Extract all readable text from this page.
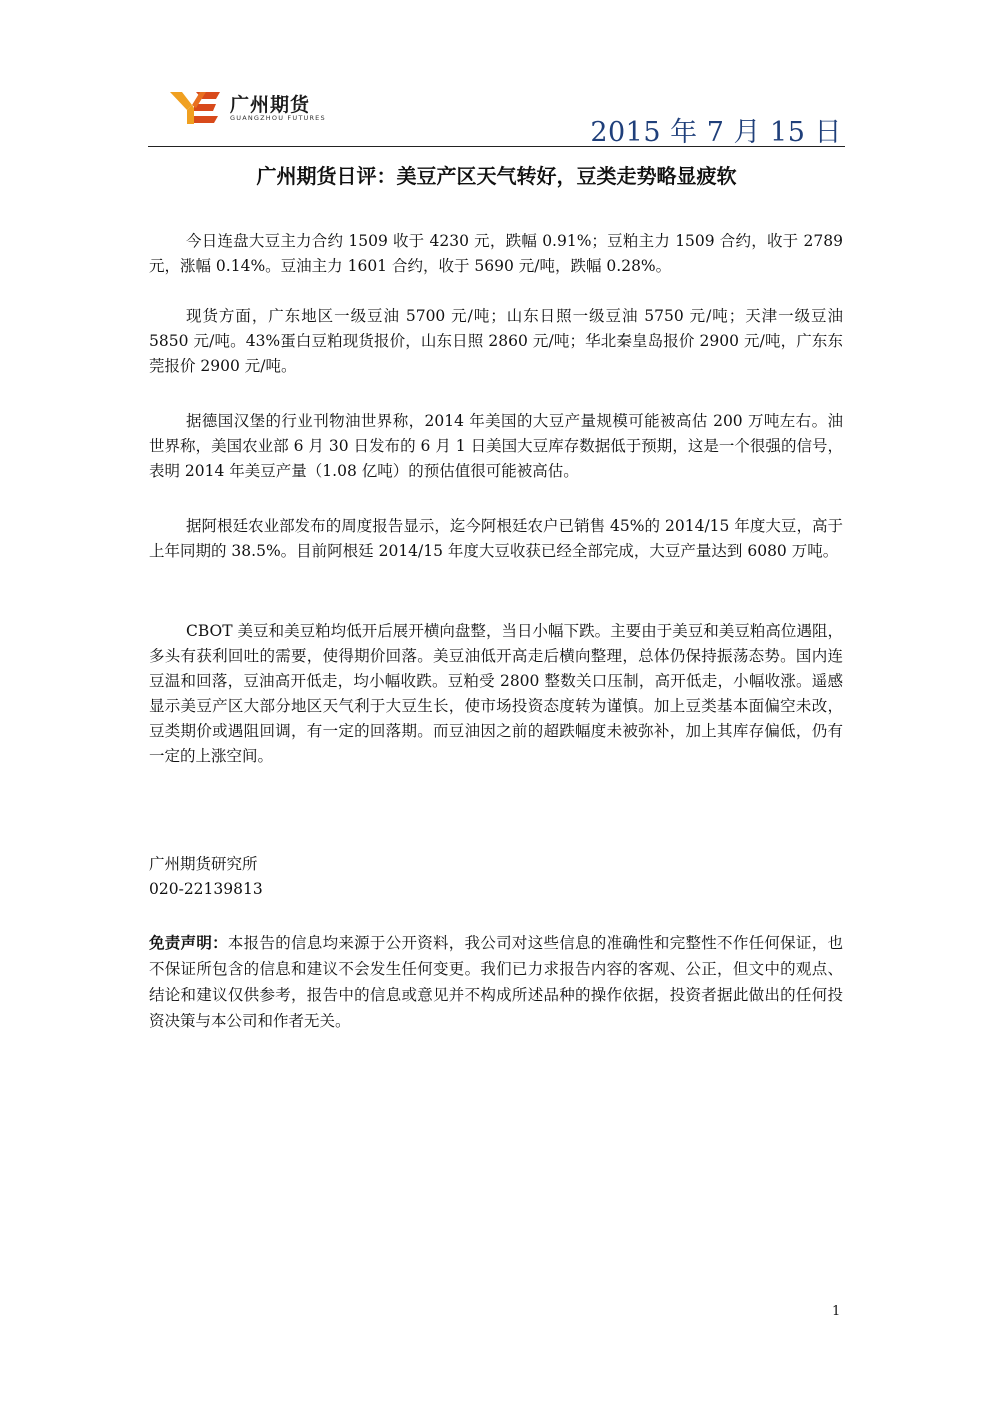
广州期货
GUANGZHOU FUTURES	2015 年 7 月 15 日
广州期货日评：美豆产区天气转好，豆类走势略显疲软
今日连盘大豆主力合约 1509 收于 4230 元，跌幅 0.91%；豆粕主力 1509 合约，收于 2789 元，涨幅 0.14%。豆油主力 1601 合约，收于 5690 元/吨，跌幅 0.28%。
现货方面，广东地区一级豆油 5700 元/吨；山东日照一级豆油 5750 元/吨；天津一级豆油 5850 元/吨。43%蛋白豆粕现货报价，山东日照 2860 元/吨；华北秦皇岛报价 2900 元/吨，广东东莞报价 2900 元/吨。
据德国汉堡的行业刊物油世界称，2014 年美国的大豆产量规模可能被高估 200 万吨左右。油世界称，美国农业部 6 月 30 日发布的 6 月 1 日美国大豆库存数据低于预期，这是一个很强的信号，表明 2014 年美豆产量（1.08 亿吨）的预估值很可能被高估。
据阿根廷农业部发布的周度报告显示，迄今阿根廷农户已销售 45%的 2014/15 年度大豆，高于上年同期的 38.5%。目前阿根廷 2014/15 年度大豆收获已经全部完成，大豆产量达到 6080 万吨。
CBOT 美豆和美豆粕均低开后展开横向盘整，当日小幅下跌。主要由于美豆和美豆粕高位遇阻，多头有获利回吐的需要，使得期价回落。美豆油低开高走后横向整理，总体仍保持振荡态势。国内连豆温和回落，豆油高开低走，均小幅收跌。豆粕受 2800 整数关口压制，高开低走，小幅收涨。遥感显示美豆产区大部分地区天气利于大豆生长，使市场投资态度转为谨慎。加上豆类基本面偏空未改，豆类期价或遇阻回调，有一定的回落期。而豆油因之前的超跌幅度未被弥补，加上其库存偏低，仍有一定的上涨空间。
广州期货研究所
020-22139813
免责声明：本报告的信息均来源于公开资料，我公司对这些信息的准确性和完整性不作任何保证，也不保证所包含的信息和建议不会发生任何变更。我们已力求报告内容的客观、公正，但文中的观点、结论和建议仅供参考，报告中的信息或意见并不构成所述品种的操作依据，投资者据此做出的任何投资决策与本公司和作者无关。
1
